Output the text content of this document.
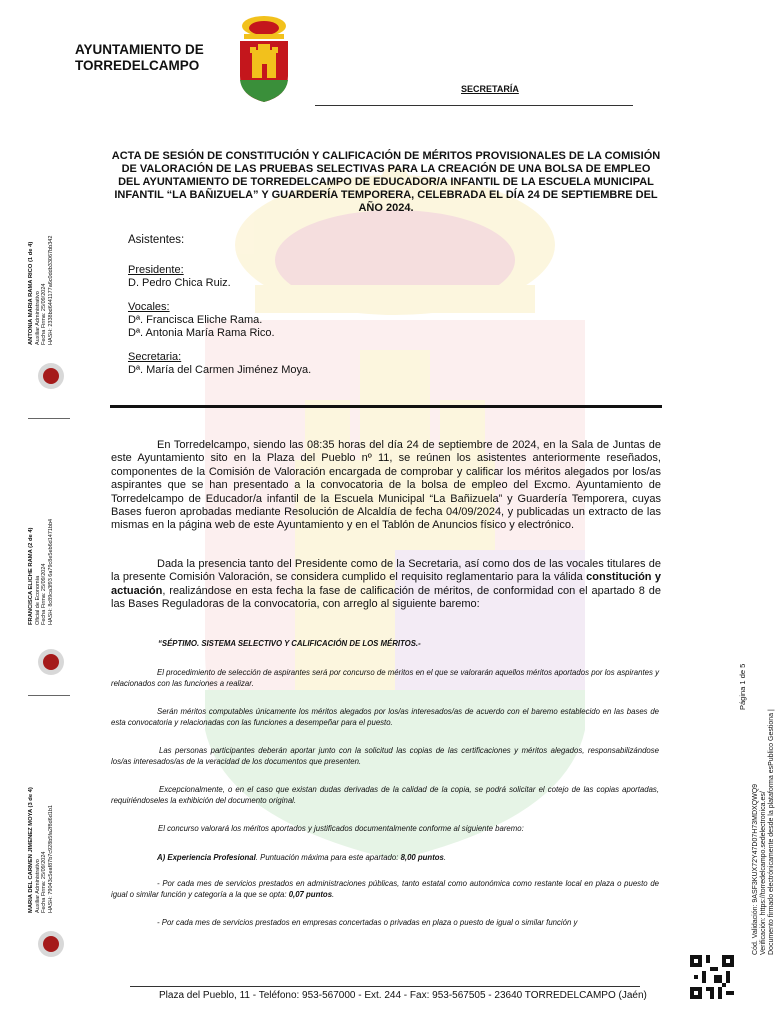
AYUNTAMIENTO DE
TORREDELCAMPO
SECRETARÍA
ANTONIA MARIA RAMA RICO (1 de 4) Auxiliar Administrativo Fecha Firma: 25/09/2024 HASH: 2338bd6441177a6c0ddb33067bb342
FRANCISCA ELICHE RAMA (2 de 4) Oficial de Economía Fecha Firma: 25/09/2024 HASH: 8c89ca3f93 6a79c8e5eb6d1471bb4
MARIA DEL CARMEN JIMENEZ MOYA (3 de 4) Auxiliar Administrativo Fecha Firma: 25/09/2024 HASH: 79043c5eaf87b7c928b5fa2f8d6d1b1	Cód. Validación: 9ASF3KUX72Y47D07H73MDXQWQ9 Verificación: https://torredelcampo.sedelectronica.es/ Documento firmado electrónicamente desde la plataforma esPublico Gestiona |
Página 1 de 5
ACTA DE SESIÓN DE CONSTITUCIÓN Y CALIFICACIÓN DE MÉRITOS PROVISIONALES DE LA COMISIÓN DE VALORACIÓN DE LAS PRUEBAS SELECTIVAS PARA LA CREACIÓN DE UNA BOLSA DE EMPLEO DEL AYUNTAMIENTO DE TORREDELCAMPO DE EDUCADOR/A INFANTIL DE LA ESCUELA MUNICIPAL INFANTIL “LA BAÑIZUELA” Y GUARDERÍA TEMPORERA, CELEBRADA EL DÍA 24 DE SEPTIEMBRE DEL AÑO 2024.
Asistentes:
Presidente:
D. Pedro Chica Ruiz.
Vocales:
Dª. Francisca Eliche Rama.
Dª. Antonia María Rama Rico.
Secretaria:
Dª. María del Carmen Jiménez Moya.
En Torredelcampo, siendo las 08:35 horas del día 24 de septiembre de 2024, en la Sala de Juntas de este Ayuntamiento sito en la Plaza del Pueblo nº 11, se reúnen los asistentes anteriormente reseñados, componentes de la Comisión de Valoración encargada de comprobar y calificar los méritos alegados por los/as aspirantes que se han presentado a la convocatoria de la bolsa de empleo del Excmo. Ayuntamiento de Torredelcampo de Educador/a infantil de la Escuela Municipal “La Bañizuela” y Guardería Temporera, cuyas Bases fueron aprobadas mediante Resolución de Alcaldía de fecha 04/09/2024, y publicadas un extracto de las mismas en la página web de este Ayuntamiento y en el Tablón de Anuncios físico y electrónico.
Dada la presencia tanto del Presidente como de la Secretaria, así como dos de las vocales titulares de la presente Comisión Valoración, se considera cumplido el requisito reglamentario para la válida constitución y actuación, realizándose en esta fecha la fase de calificación de méritos, de conformidad con el apartado 8 de las Bases Reguladoras de la convocatoria, con arreglo al siguiente baremo:
“SÉPTIMO. SISTEMA SELECTIVO Y CALIFICACIÓN DE LOS MÉRITOS.-
El procedimiento de selección de aspirantes será por concurso de méritos en el que se valorarán aquellos méritos aportados por los aspirantes y relacionados con las funciones a realizar.
Serán méritos computables únicamente los méritos alegados por los/as interesados/as de acuerdo con el baremo establecido en las bases de esta convocatoria y relacionadas con las funciones a desempeñar para el puesto.
Las personas participantes deberán aportar junto con la solicitud las copias de las certificaciones y méritos alegados, responsabilizándose los/as interesados/as de la veracidad de los documentos que presenten.
Excepcionalmente, o en el caso que existan dudas derivadas de la calidad de la copia, se podrá solicitar el cotejo de las copias aportadas, requiriéndoseles la exhibición del documento original.
El concurso valorará los méritos aportados y justificados documentalmente conforme al siguiente baremo:
A) Experiencia Profesional. Puntuación máxima para este apartado: 8,00 puntos.
- Por cada mes de servicios prestados en administraciones públicas, tanto estatal como autonómica como restante local en plaza o puesto de igual o similar función y categoría a la que se opta: 0,07 puntos.
- Por cada mes de servicios prestados en empresas concertadas o privadas en plaza o puesto de igual o similar función y
Plaza del Pueblo, 11 - Teléfono: 953-567000 - Ext. 244 - Fax: 953-567505 - 23640 TORREDELCAMPO (Jaén)
